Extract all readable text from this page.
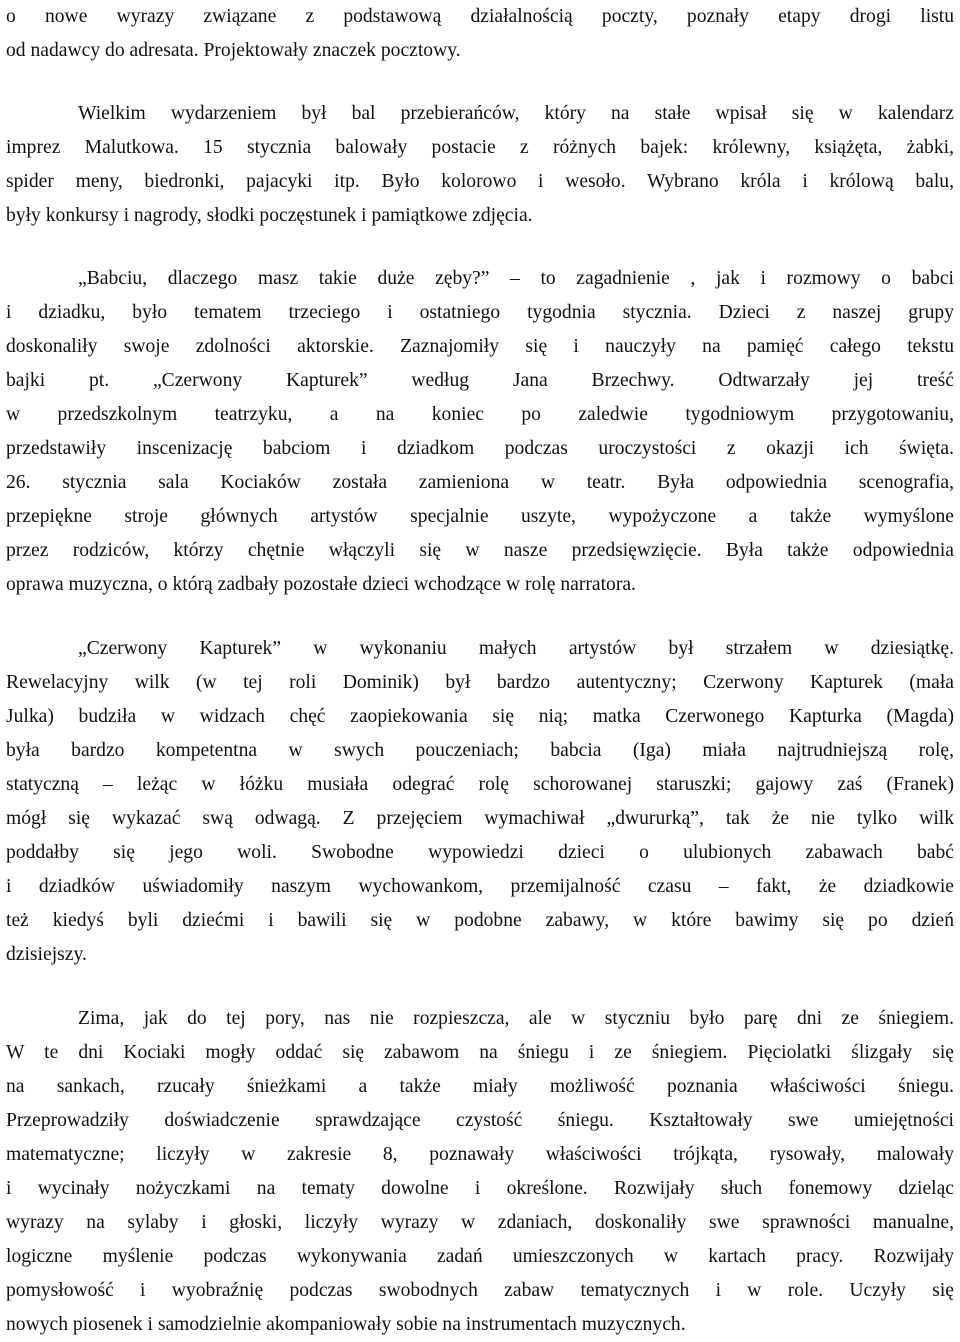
o nowe wyrazy związane z podstawową działalnością poczty, poznały etapy drogi listu
od nadawcy do adresata. Projektowały znaczek pocztowy.
Wielkim wydarzeniem był bal przebierańców, który na stałe wpisał się w kalendarz
imprez Malutkowa. 15 stycznia balowały postacie z różnych bajek: królewny, książęta, żabki,
spider meny, biedronki, pajacyki itp. Było kolorowo i wesoło. Wybrano króla i królową balu,
były konkursy i nagrody, słodki poczęstunek i pamiątkowe zdjęcia.
„Babciu, dlaczego masz takie duże zęby?” – to zagadnienie , jak i rozmowy o babci
i dziadku, było tematem trzeciego i ostatniego tygodnia stycznia. Dzieci z naszej grupy
doskonaliły swoje zdolności aktorskie. Zaznajomiły się i nauczyły na pamięć całego tekstu
bajki pt. „Czerwony Kapturek” według Jana Brzechwy. Odtwarzały jej treść
w przedszkolnym teatrzyku, a na koniec po zaledwie tygodniowym przygotowaniu,
przedstawiły inscenizację babciom i dziadkom podczas uroczystości z okazji ich święta.
26. stycznia sala Kociaków została zamieniona w teatr. Była odpowiednia scenografia,
przepiękne stroje głównych artystów specjalnie uszyte, wypożyczone a także wymyślone
przez rodziców, którzy chętnie włączyli się w nasze przedsięwzięcie. Była także odpowiednia
oprawa muzyczna, o którą zadbały pozostałe dzieci wchodzące w rolę narratora.
„Czerwony Kapturek” w wykonaniu małych artystów był strzałem w dziesiątkę.
Rewelacyjny wilk (w tej roli Dominik) był bardzo autentyczny; Czerwony Kapturek (mała
Julka) budziła w widzach chęć zaopiekowania się nią; matka Czerwonego Kapturka (Magda)
była bardzo kompetentna w swych pouczeniach; babcia (Iga) miała najtrudniejszą rolę,
statyczną – leżąc w łóżku musiała odegrać rolę schorowanej staruszki; gajowy zaś (Franek)
mógł się wykazać swą odwagą. Z przejęciem wymachiwał „dwururką”, tak że nie tylko wilk
poddałby się jego woli. Swobodne wypowiedzi dzieci o ulubionych zabawach babć
i dziadków uświadomiły naszym wychowankom, przemijalność czasu – fakt, że dziadkowie
też kiedyś byli dziećmi i bawili się w podobne zabawy, w które bawimy się po dzień
dzisiejszy.
Zima, jak do tej pory, nas nie rozpieszcza, ale w styczniu było parę dni ze śniegiem.
W te dni Kociaki mogły oddać się zabawom na śniegu i ze śniegiem. Pięciolatki ślizgały się
na sankach, rzucały śnieżkami a także miały możliwość poznania właściwości śniegu.
Przeprowadziły doświadczenie sprawdzające czystość śniegu. Kształtowały swe umiejętności
matematyczne; liczyły w zakresie 8, poznawały właściwości trójkąta, rysowały, malowały
i wycinały nożyczkami na tematy dowolne i określone. Rozwijały słuch fonemowy dzieląc
wyrazy na sylaby i głoski, liczyły wyrazy w zdaniach, doskonaliły swe sprawności manualne,
logiczne myślenie podczas wykonywania zadań umieszczonych w kartach pracy. Rozwijały
pomysłowość i wyobraźnię podczas swobodnych zabaw tematycznych i w role. Uczyły się
nowych piosenek i samodzielnie akompaniowały sobie na instrumentach muzycznych.
